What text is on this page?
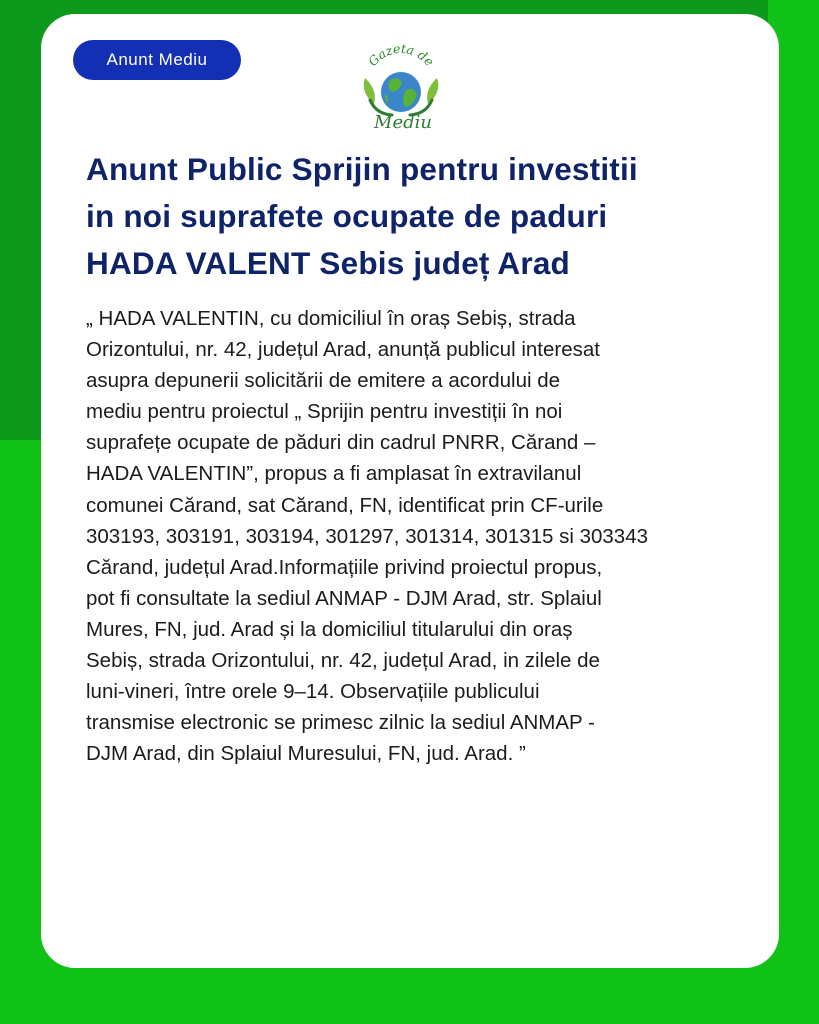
Anunt Mediu	Gazeta de
Mediu
Anunt Public Sprijin pentru investitii
in noi suprafete ocupate de paduri
HADA VALENT Sebis județ Arad
„ HADA VALENTIN, cu domiciliul în oraș Sebiș, strada
Orizontului, nr. 42, județul Arad, anunță publicul interesat
asupra depunerii solicitării de emitere a acordului de
mediu pentru proiectul „ Sprijin pentru investiții în noi
suprafețe ocupate de păduri din cadrul PNRR, Cărand –
HADA VALENTIN”, propus a fi amplasat în extravilanul
comunei Cărand, sat Cărand, FN, identificat prin CF-urile
303193, 303191, 303194, 301297, 301314, 301315 si 303343
Cărand, județul Arad.Informațiile privind proiectul propus,
pot fi consultate la sediul ANMAP - DJM Arad, str. Splaiul
Mures, FN, jud. Arad și la domiciliul titularului din oraș
Sebiș, strada Orizontului, nr. 42, județul Arad, in zilele de
luni-vineri, între orele 9–14. Observațiile publicului
transmise electronic se primesc zilnic la sediul ANMAP -
DJM Arad, din Splaiul Muresului, FN, jud. Arad. ”
